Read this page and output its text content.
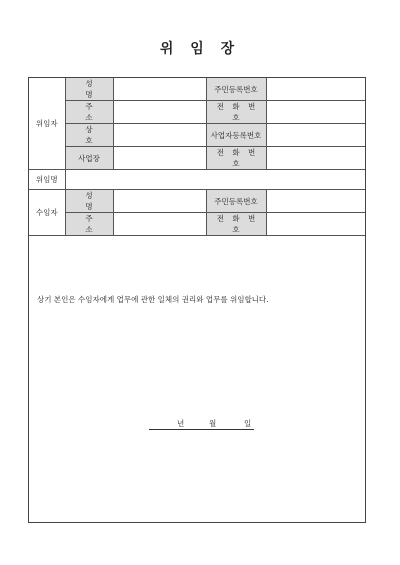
위 임 장
위임자	성 명		주민등록번호	
	주 소		전 화 번 호	
	상 호		사업자등록번호	
	사업장		전 화 번 호	
위임명				
수임자	성 명		주민등록번호	
	주 소		전 화 번 호	
상기 본인은 수임자에게 업무에 관한 일체의 권리와 업무를 위임합니다.
년	월	일
